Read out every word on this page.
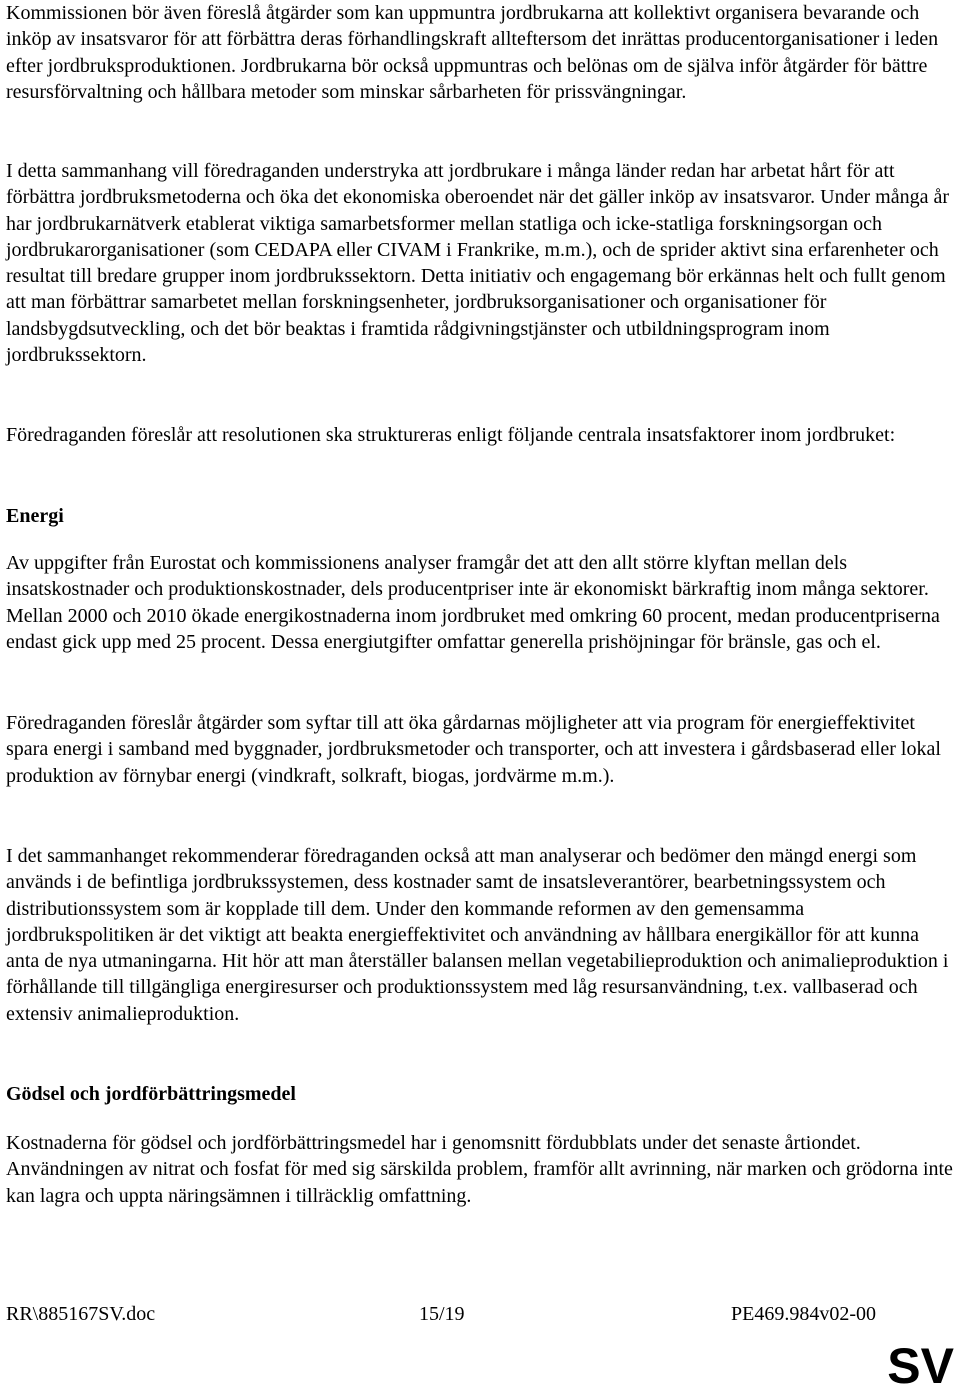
Kommissionen bör även föreslå åtgärder som kan uppmuntra jordbrukarna att kollektivt organisera bevarande och inköp av insatsvaror för att förbättra deras förhandlingskraft allteftersom det inrättas producentorganisationer i leden efter jordbruksproduktionen. Jordbrukarna bör också uppmuntras och belönas om de själva inför åtgärder för bättre resursförvaltning och hållbara metoder som minskar sårbarheten för prissvängningar.

I detta sammanhang vill föredraganden understryka att jordbrukare i många länder redan har arbetat hårt för att förbättra jordbruksmetoderna och öka det ekonomiska oberoendet när det gäller inköp av insatsvaror. Under många år har jordbrukarnätverk etablerat viktiga samarbetsformer mellan statliga och icke-statliga forskningsorgan och jordbrukarorganisationer (som CEDAPA eller CIVAM i Frankrike, m.m.), och de sprider aktivt sina erfarenheter och resultat till bredare grupper inom jordbrukssektorn. Detta initiativ och engagemang bör erkännas helt och fullt genom att man förbättrar samarbetet mellan forskningsenheter, jordbruksorganisationer och organisationer för landsbygdsutveckling, och det bör beaktas i framtida rådgivningstjänster och utbildningsprogram inom jordbrukssektorn.

Föredraganden föreslår att resolutionen ska struktureras enligt följande centrala insatsfaktorer inom jordbruket:

Energi

Av uppgifter från Eurostat och kommissionens analyser framgår det att den allt större klyftan mellan dels insatskostnader och produktionskostnader, dels producentpriser inte är ekonomiskt bärkraftig inom många sektorer. Mellan 2000 och 2010 ökade energikostnaderna inom jordbruket med omkring 60 procent, medan producentpriserna endast gick upp med 25 procent. Dessa energiutgifter omfattar generella prishöjningar för bränsle, gas och el.

Föredraganden föreslår åtgärder som syftar till att öka gårdarnas möjligheter att via program för energieffektivitet spara energi i samband med byggnader, jordbruksmetoder och transporter, och att investera i gårdsbaserad eller lokal produktion av förnybar energi (vindkraft, solkraft, biogas, jordvärme m.m.).

I det sammanhanget rekommenderar föredraganden också att man analyserar och bedömer den mängd energi som används i de befintliga jordbrukssystemen, dess kostnader samt de insatsleverantörer, bearbetningssystem och distributionssystem som är kopplade till dem. Under den kommande reformen av den gemensamma jordbrukspolitiken är det viktigt att beakta energieffektivitet och användning av hållbara energikällor för att kunna anta de nya utmaningarna. Hit hör att man återställer balansen mellan vegetabilieproduktion och animalieproduktion i förhållande till tillgängliga energiresurser och produktionssystem med låg resursanvändning, t.ex. vallbaserad och extensiv animalieproduktion.

Gödsel och jordförbättringsmedel

Kostnaderna för gödsel och jordförbättringsmedel har i genomsnitt fördubblats under det senaste årtiondet. Användningen av nitrat och fosfat för med sig särskilda problem, framför allt avrinning, när marken och grödorna inte kan lagra och uppta näringsämnen i tillräcklig omfattning.

RR\885167SV.doc	15/19	PE469.984v02-00
SV
